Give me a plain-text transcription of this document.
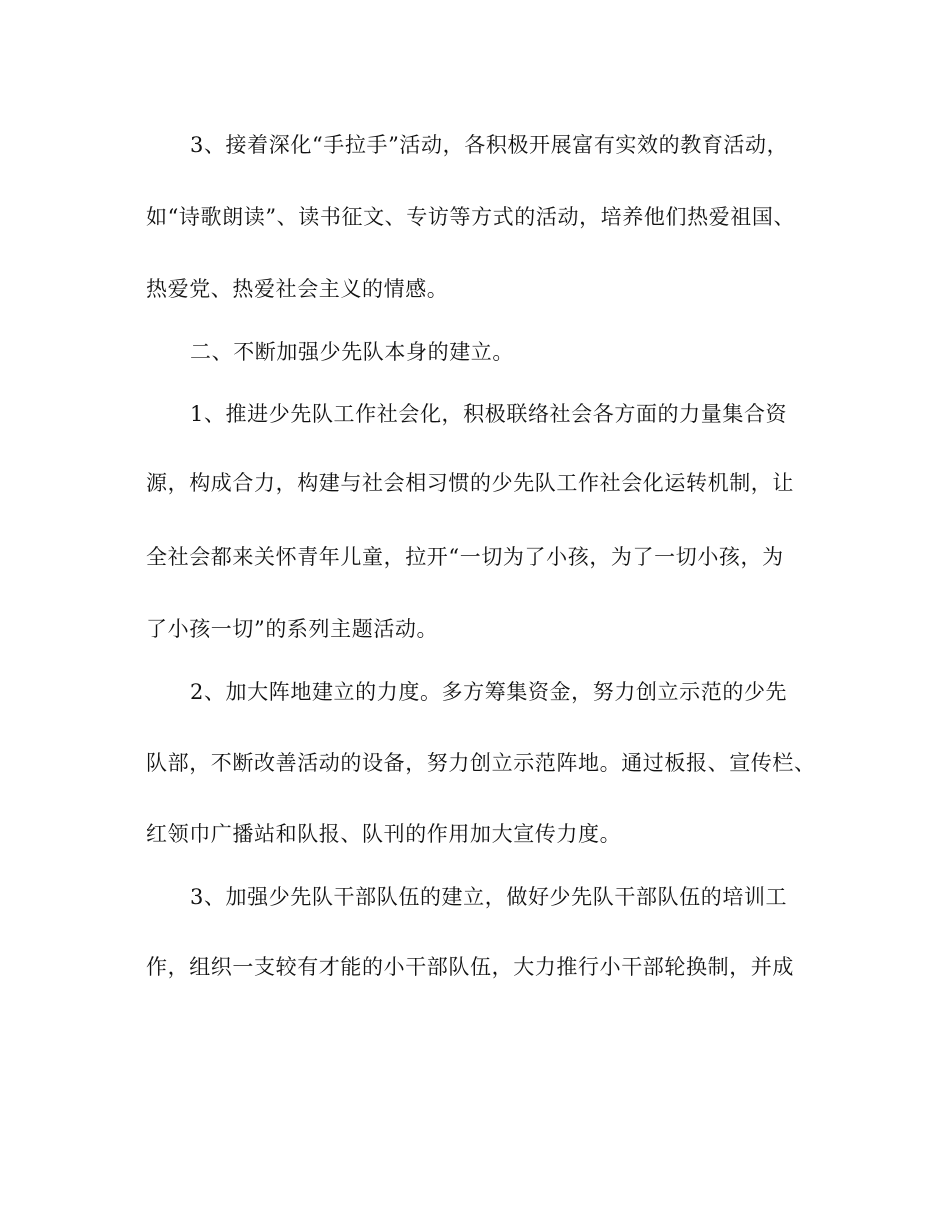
3、接着深化“手拉手”活动，各积极开展富有实效的教育活动，
如“诗歌朗读”、读书征文、专访等方式的活动，培养他们热爱祖国、
热爱党、热爱社会主义的情感。
二、不断加强少先队本身的建立。
1、推进少先队工作社会化，积极联络社会各方面的力量集合资
源，构成合力，构建与社会相习惯的少先队工作社会化运转机制，让
全社会都来关怀青年儿童，拉开“一切为了小孩，为了一切小孩，为
了小孩一切”的系列主题活动。
2、加大阵地建立的力度。多方筹集资金，努力创立示范的少先
队部，不断改善活动的设备，努力创立示范阵地。通过板报、宣传栏、
红领巾广播站和队报、队刊的作用加大宣传力度。
3、加强少先队干部队伍的建立，做好少先队干部队伍的培训工
作，组织一支较有才能的小干部队伍，大力推行小干部轮换制，并成
